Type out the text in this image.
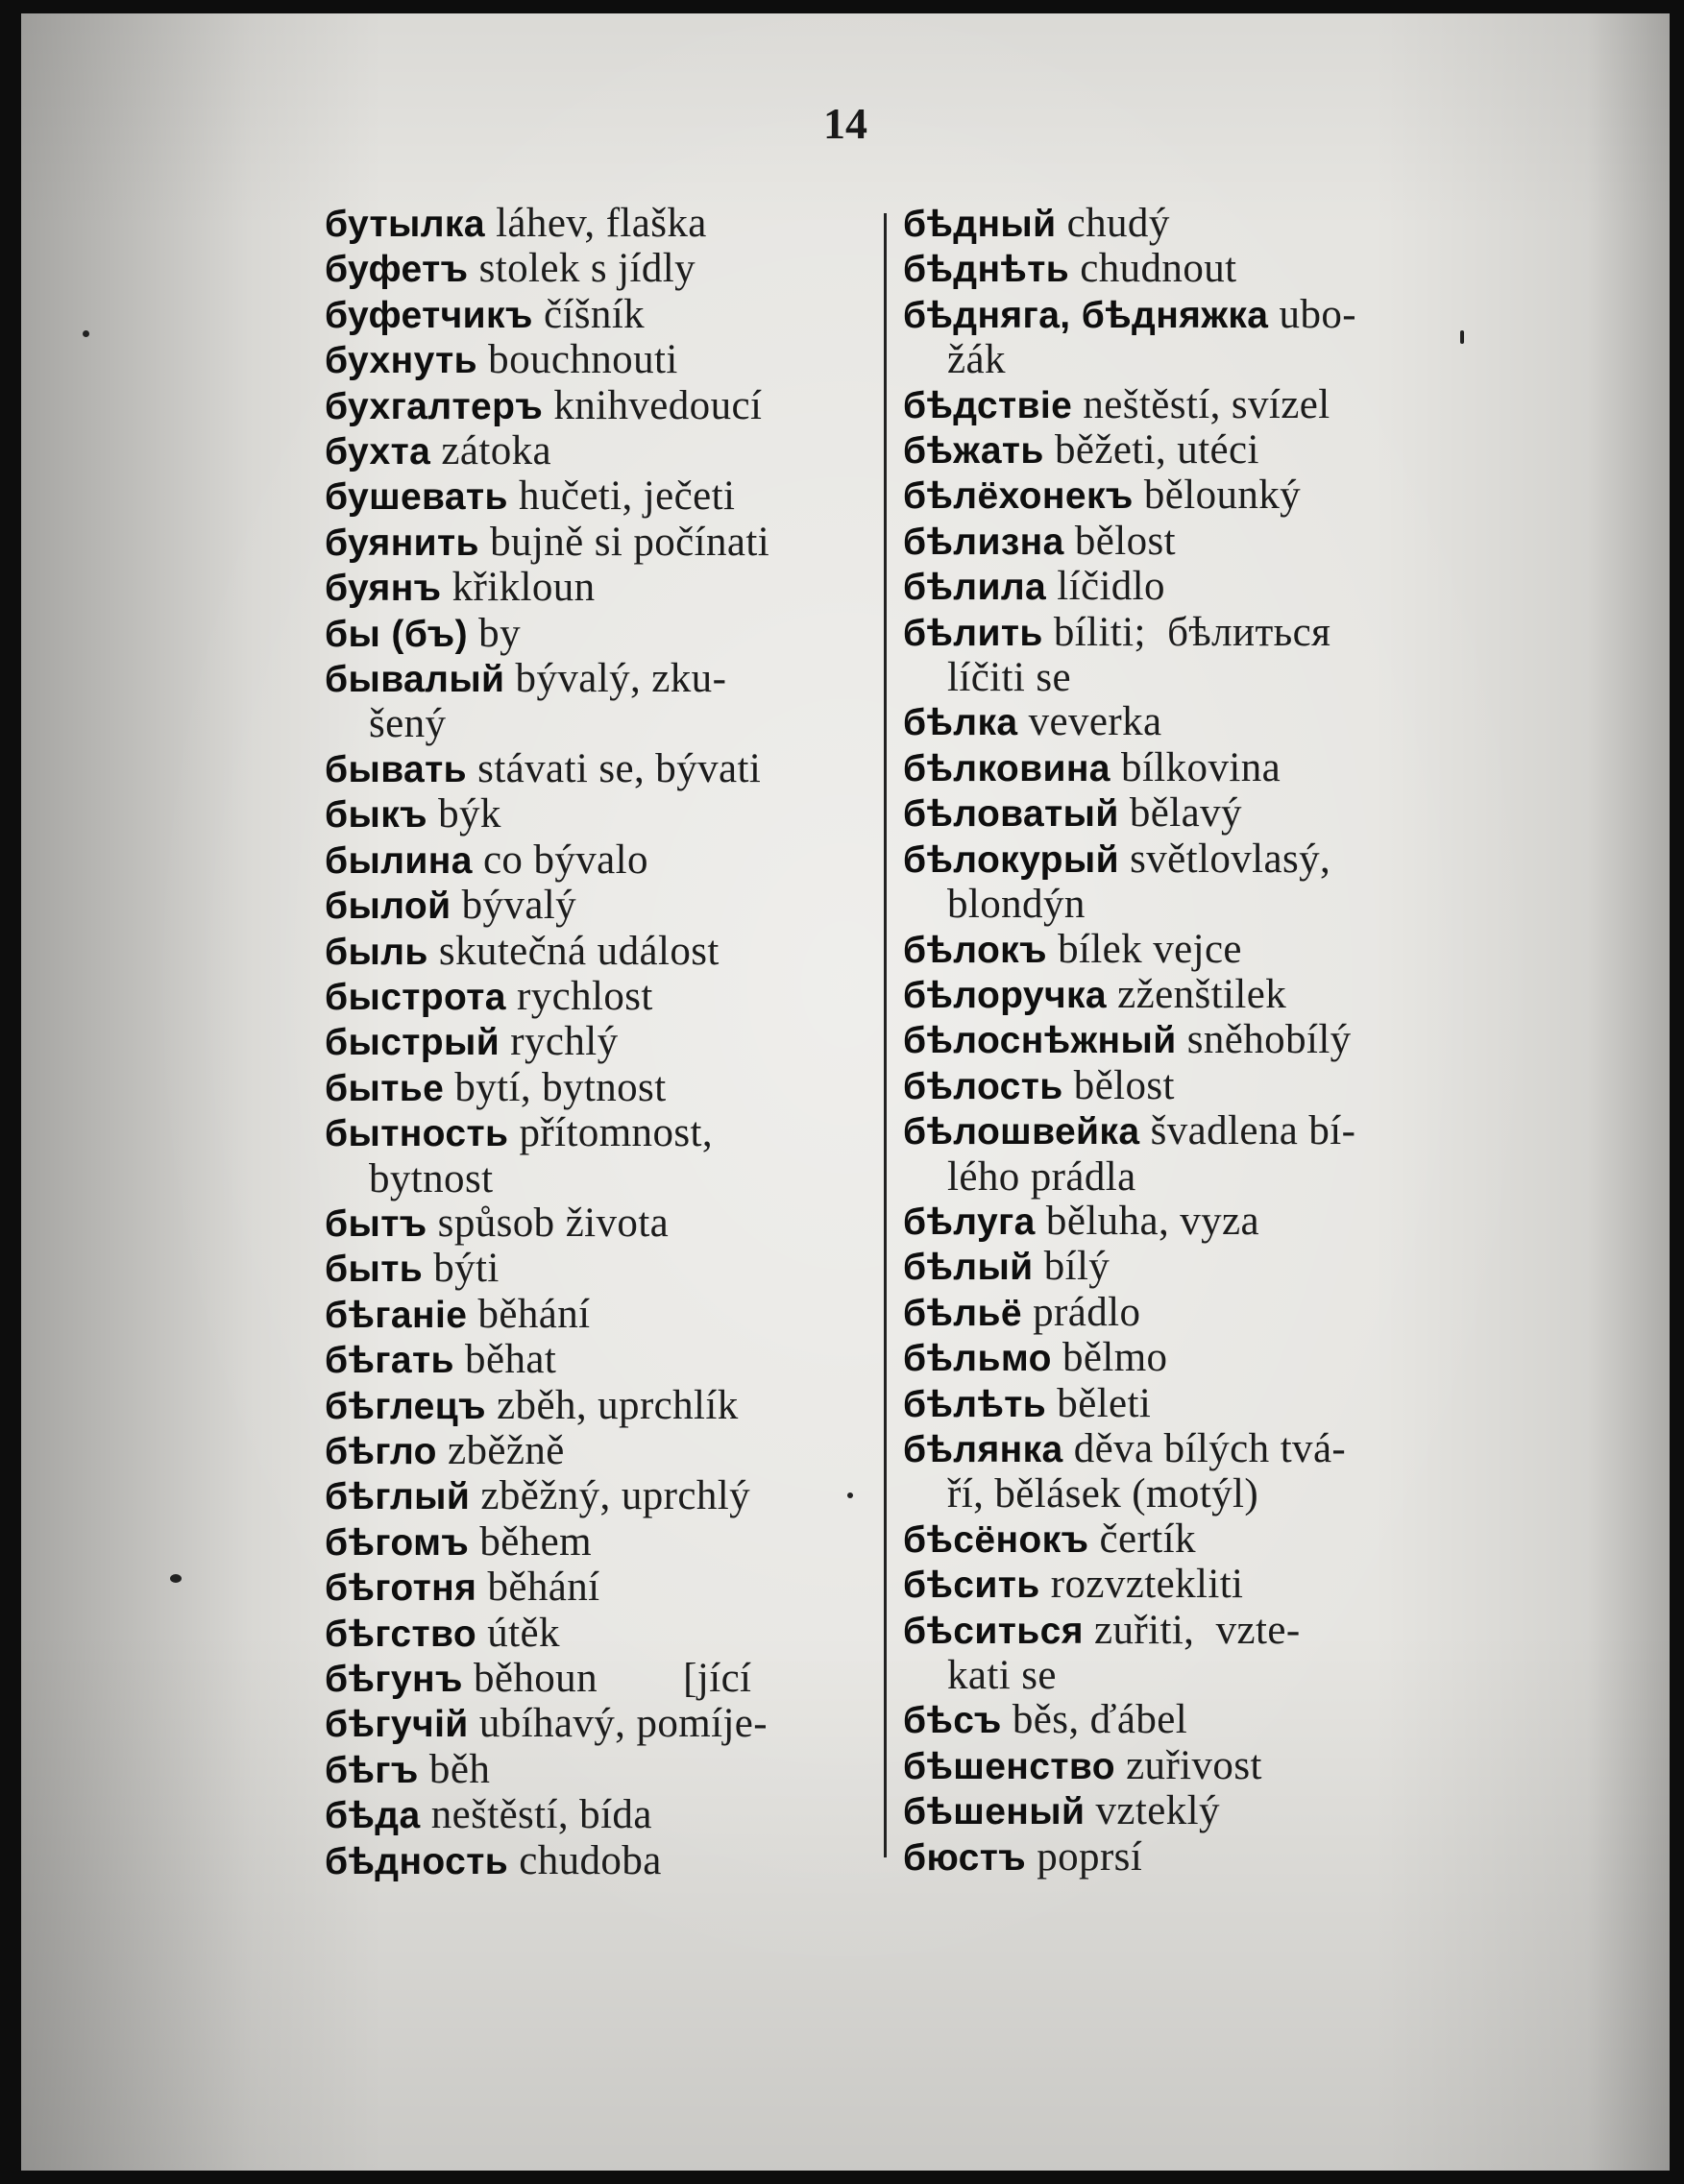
14
бутылка láhev, flaška
буфетъ stolek s jídly
буфетчикъ číšník
бухнуть bouchnouti
бухгалтеръ knihvedoucí
бухта zátoka
бушевать hučeti, ječeti
буянить bujně si počínati
буянъ křikloun
бы (бъ) by
бывалый bývalý, zku-
šený
бывать stávati se, bývati
быкъ býk
былина co bývalo
былой bývalý
быль skutečná událost
быстрота rychlost
быстрый rychlý
бытье bytí, bytnost
бытность přítomnost,
bytnost
бытъ spůsob života
быть býti
бѣганіе běhání
бѣгать běhat
бѣглецъ zběh, uprchlík
бѣгло zběžně
бѣглый zběžný, uprchlý
бѣгомъ během
бѣготня běhání
бѣгство útěk
бѣгунъ běhoun        [jící
бѣгучій ubíhavý, pomíje-
бѣгъ běh
бѣда neštěstí, bída
бѣдность chudoba
бѣдный chudý
бѣднѣть chudnout
бѣдняга, бѣдняжка ubo-
žák
бѣдствіе neštěstí, svízel
бѣжать běžeti, utéci
бѣлёхонекъ bělounký
бѣлизна bělost
бѣлила líčidlo
бѣлить bíliti;  бѣлиться
líčiti se
бѣлка veverka
бѣлковина bílkovina
бѣловатый bělavý
бѣлокурый světlovlasý,
blondýn
бѣлокъ bílek vejce
бѣлоручка zženštilek
бѣлоснѣжный sněhobílý
бѣлость bělost
бѣлошвейка švadlena bí-
lého prádla
бѣлуга běluha, vyza
бѣлый bílý
бѣльё prádlo
бѣльмо bělmo
бѣлѣть běleti
бѣлянка děva bílých tvá-
ří, bělásek (motýl)
бѣсёнокъ čertík
бѣсить rozvztekliti
бѣситься zuřiti,  vzte-
kati se
бѣсъ běs, ďábel
бѣшенство zuřivost
бѣшеный vzteklý
бюстъ poprsí
